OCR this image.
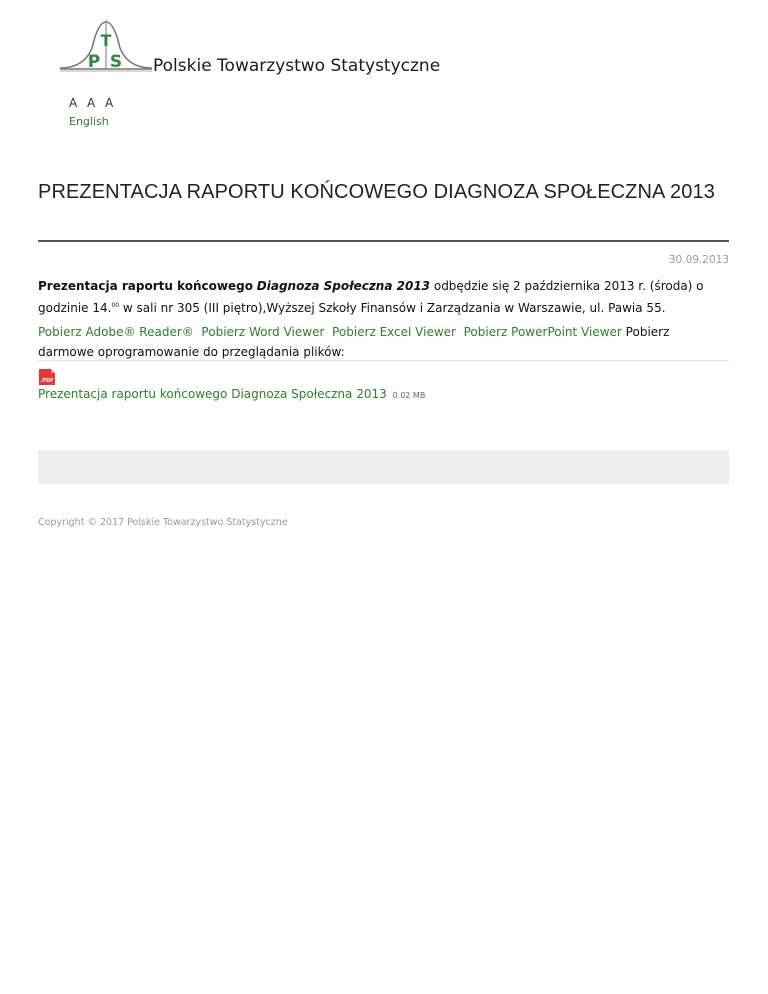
T
P S Polskie Towarzystwo Statystyczne
A A A
English
PREZENTACJA RAPORTU KOŃCOWEGO DIAGNOZA SPOŁECZNA 2013
30.09.2013

Prezentacja raportu końcowego Diagnoza Społeczna 2013 odbędzie się 2 października 2013 r. (środa) o godzinie 14.00 w sali nr 305 (III piętro),Wyższej Szkoły Finansów i Zarządzania w Warszawie, ul. Pawia 55.

Pobierz Adobe® Reader® Pobierz Word Viewer Pobierz Excel Viewer Pobierz PowerPoint Viewer Pobierz darmowe oprogramowanie do przeglądania plików:

.PDF
Prezentacja raportu końcowego Diagnoza Społeczna 2013 0.02 MB
Copyright © 2017 Polskie Towarzystwo Statystyczne
